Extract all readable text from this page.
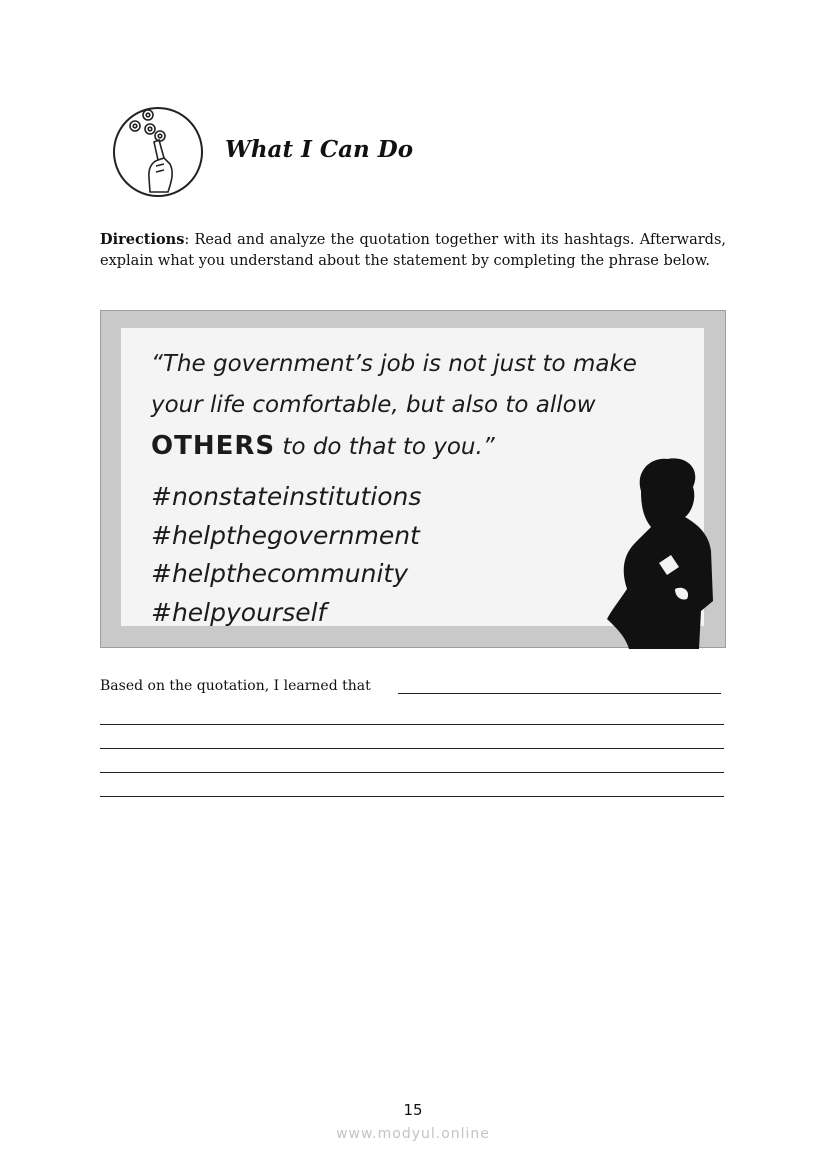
What I Can Do

Directions: Read and analyze the quotation together with its hashtags. Afterwards, explain what you understand about the statement by completing the phrase below.

“The government’s job is not just to make your life comfortable, but also to allow OTHERS to do that to you.”

#nonstateinstitutions
#helpthegovernment
#helpthecommunity
#helpyourself
Based on the quotation, I learned that
15
www.modyul.online
